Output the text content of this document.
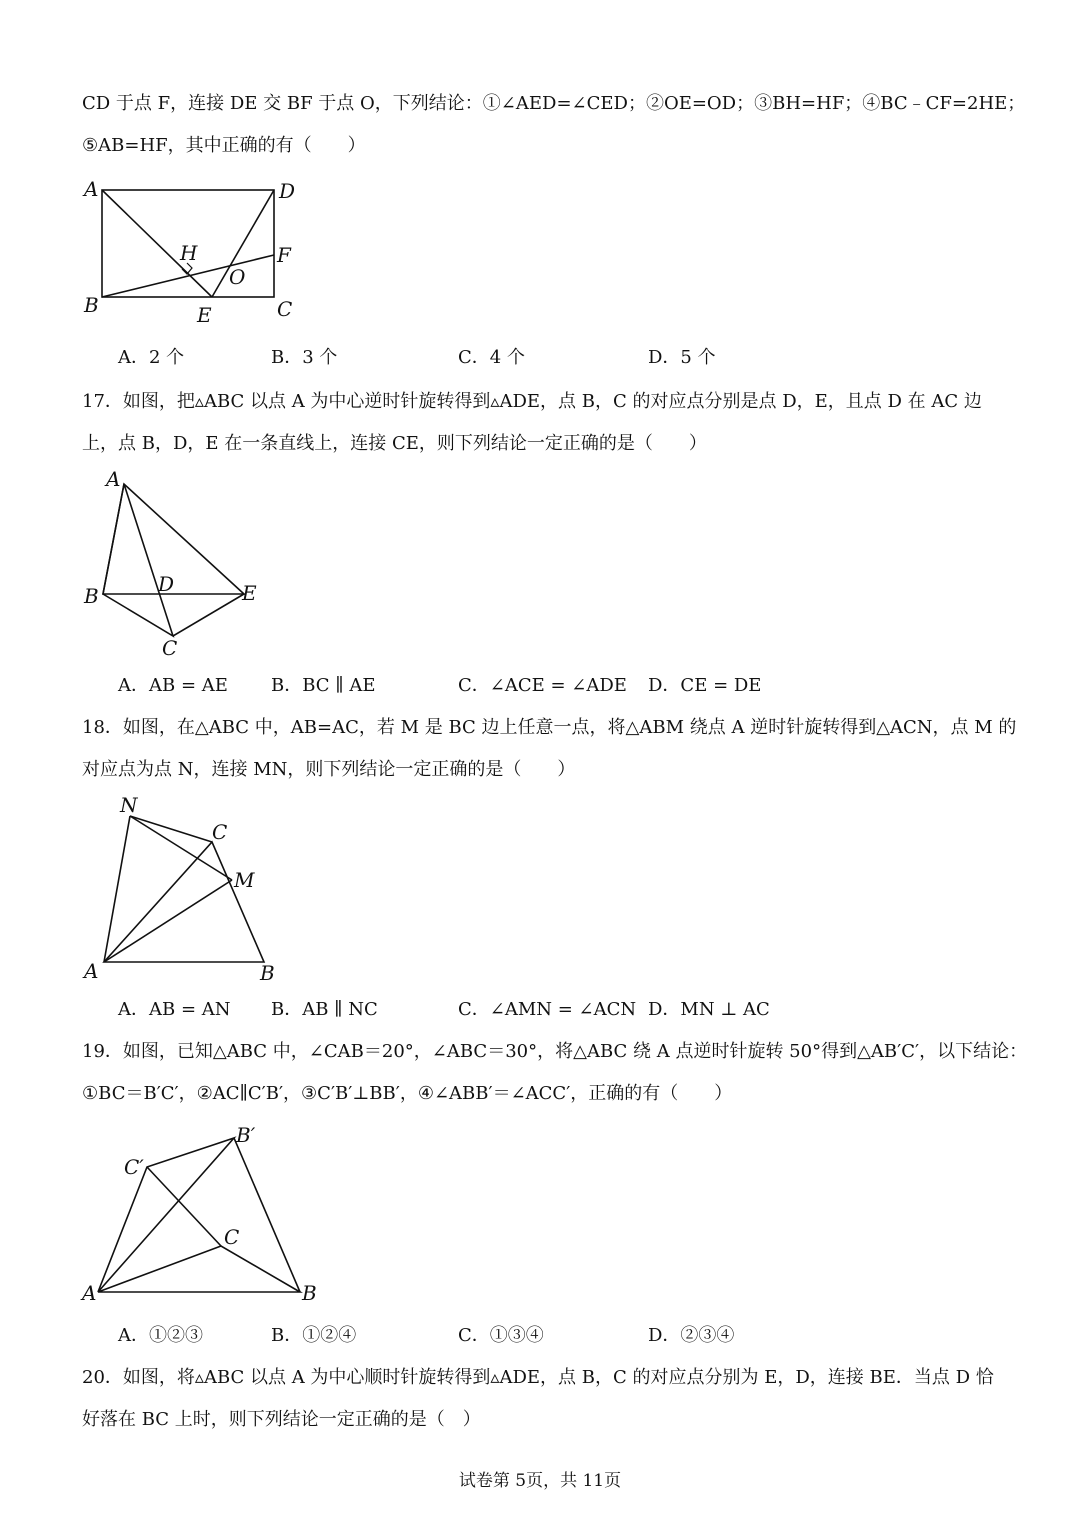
CD 于点 F，连接 DE 交 BF 于点 O，下列结论：①∠AED=∠CED；②OE=OD；③BH=HF；④BC﹣CF=2HE；
⑤AB=HF，其中正确的有（　　）
A	D
H	F
O
B	E	C
A．2 个	B．3 个	C．4 个	D．5 个
17．如图，把▵ABC 以点 A 为中心逆时针旋转得到▵ADE，点 B，C 的对应点分别是点 D，E，且点 D 在 AC 边
上，点 B，D，E 在一条直线上，连接 CE，则下列结论一定正确的是（　　）
A
B	D	E
C
A．AB = AE B．BC ∥ AE	C．∠ACE = ∠ADE D．CE = DE
18．如图，在△ABC 中，AB=AC，若 M 是 BC 边上任意一点，将△ABM 绕点 A 逆时针旋转得到△ACN，点 M 的
对应点为点 N，连接 MN，则下列结论一定正确的是（　　）
N
C
M
A	B
A．AB = AN B．AB ∥ NC	C．∠AMN = ∠ACN D．MN ⊥ AC
19．如图，已知△ABC 中，∠CAB＝20°，∠ABC＝30°，将△ABC 绕 A 点逆时针旋转 50°得到△AB′C′，以下结论：
①BC＝B′C′，②AC∥C′B′，③C′B′⊥BB′，④∠ABB′＝∠ACC′，正确的有（　　）
B′
C′
C
A	B
A．①②③	B．①②④	C．①③④	D．②③④
20．如图，将▵ABC 以点 A 为中心顺时针旋转得到▵ADE，点 B，C 的对应点分别为 E，D，连接 BE．当点 D 恰
好落在 BC 上时，则下列结论一定正确的是（　）
试卷第 5页，共 11页
